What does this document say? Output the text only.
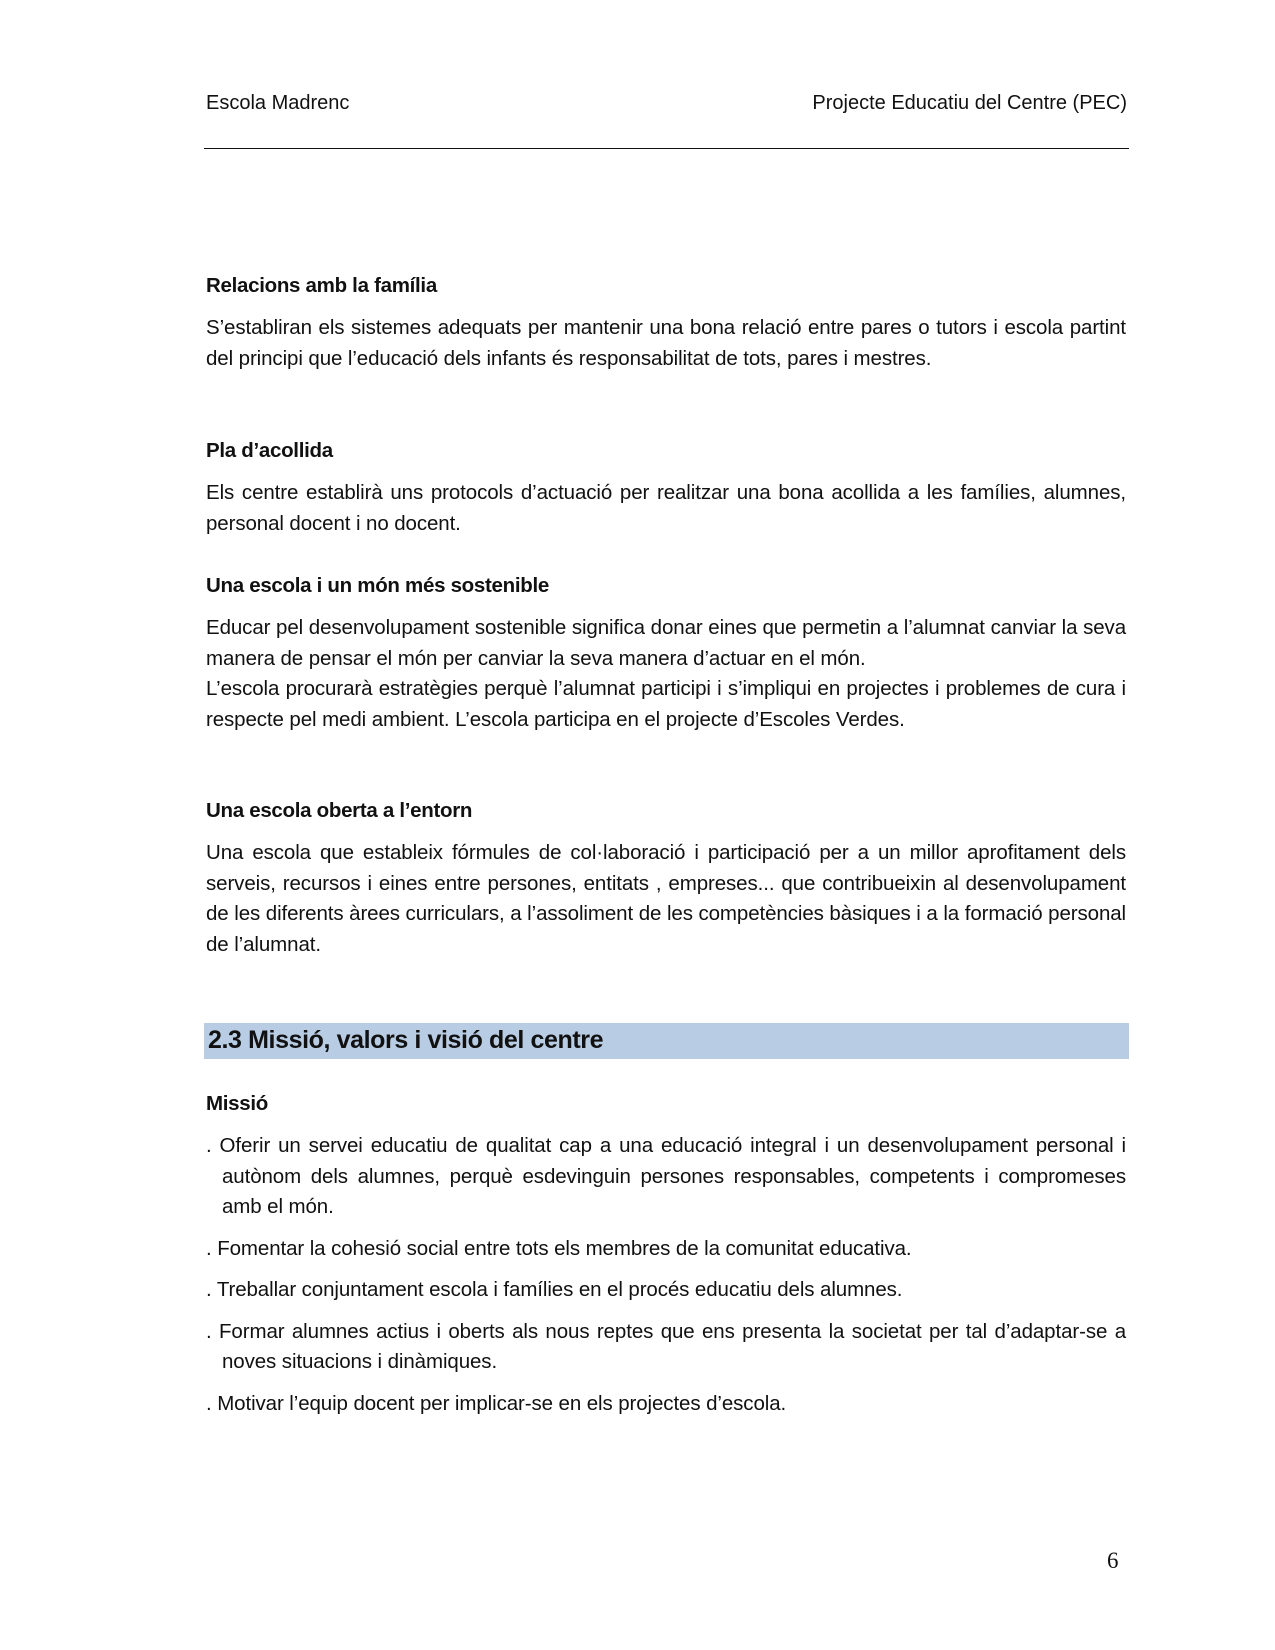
Escola Madrenc	Projecte Educatiu del Centre (PEC)

Relacions amb la família

S’establiran els sistemes adequats per mantenir una bona relació entre pares o tutors i escola partint del principi que l’educació dels infants és responsabilitat de tots, pares i mestres.

Pla d’acollida

Els centre establirà uns protocols d’actuació per realitzar una bona acollida a les famílies, alumnes, personal docent i no docent.

Una escola i un món més sostenible

Educar pel desenvolupament sostenible significa donar eines que permetin a l’alumnat canviar la seva manera de pensar el món per canviar la seva manera d’actuar en el món.

L’escola procurarà estratègies perquè l’alumnat participi i s’impliqui en projectes i problemes de cura i respecte pel medi ambient. L’escola participa en el projecte d’Escoles Verdes.

Una escola oberta a l’entorn

Una escola que estableix fórmules de col·laboració i participació per a un millor aprofitament dels serveis, recursos i eines entre persones, entitats , empreses... que contribueixin al desenvolupament de les diferents àrees curriculars, a l’assoliment de les competències bàsiques i a la formació personal de l’alumnat.

2.3 Missió, valors i visió del centre

Missió

. Oferir un servei educatiu de qualitat cap a una educació integral i un desenvolupament personal i autònom dels alumnes, perquè esdevinguin persones responsables, competents i compromeses amb el món.

. Fomentar la cohesió social entre tots els membres de la comunitat educativa.

. Treballar conjuntament escola i famílies en el procés educatiu dels alumnes.

. Formar alumnes actius i oberts als nous reptes que ens presenta la societat per tal d’adaptar-se a noves situacions i dinàmiques.

. Motivar l’equip docent per implicar-se en els projectes d’escola.

6
